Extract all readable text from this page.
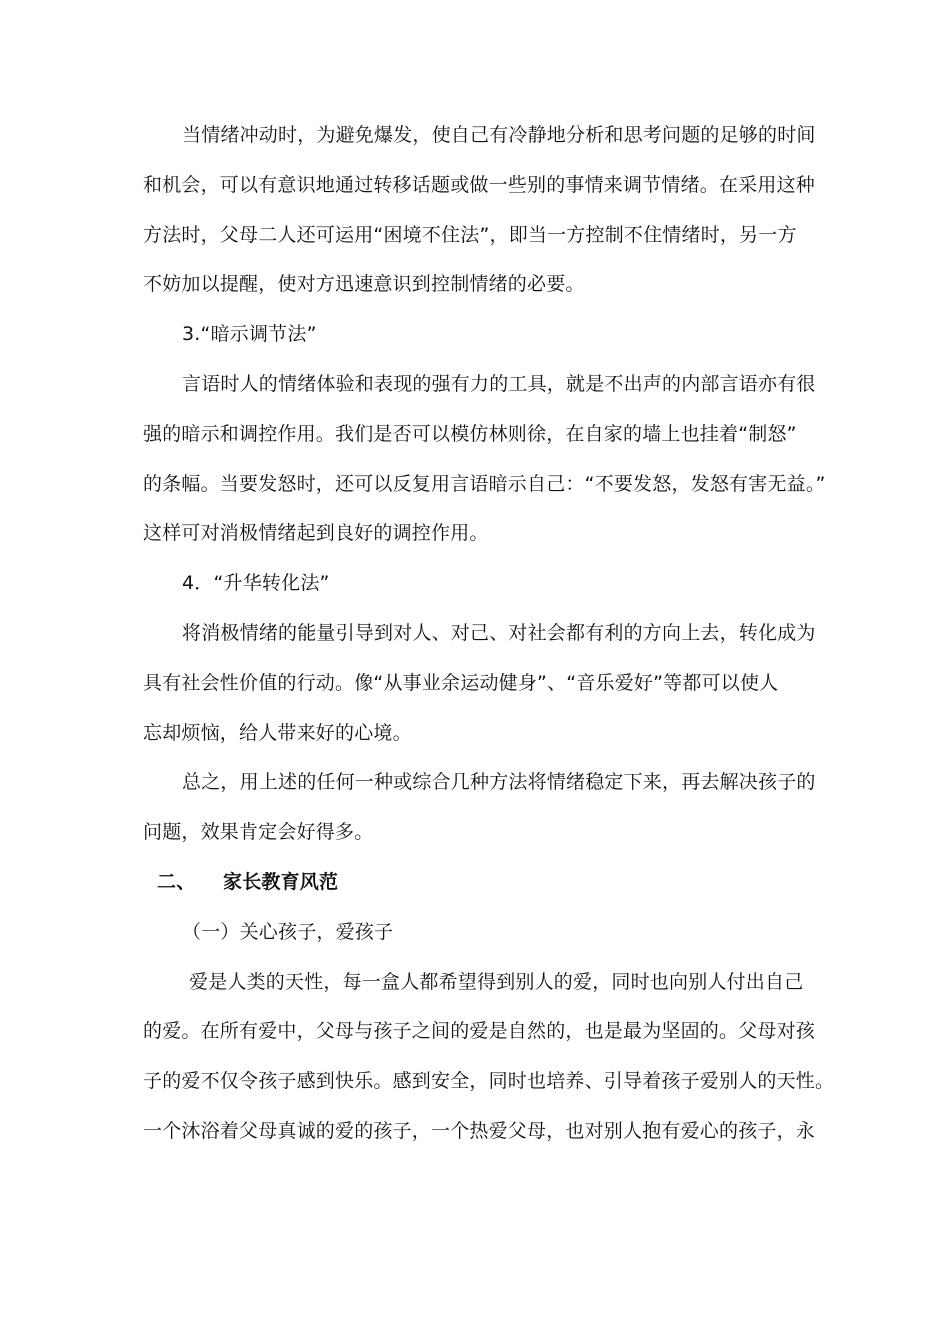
当情绪冲动时，为避免爆发，使自己有冷静地分析和思考问题的足够的时间
和机会，可以有意识地通过转移话题或做一些别的事情来调节情绪。在采用这种
方法时，父母二人还可运用“困境不住法”，即当一方控制不住情绪时，另一方
不妨加以提醒，使对方迅速意识到控制情绪的必要。
3.“暗示调节法”
言语时人的情绪体验和表现的强有力的工具，就是不出声的内部言语亦有很
强的暗示和调控作用。我们是否可以模仿林则徐，在自家的墙上也挂着“制怒”
的条幅。当要发怒时，还可以反复用言语暗示自己：“不要发怒，发怒有害无益。”
这样可对消极情绪起到良好的调控作用。
4．“升华转化法”
将消极情绪的能量引导到对人、对己、对社会都有利的方向上去，转化成为
具有社会性价值的行动。像“从事业余运动健身”、“音乐爱好”等都可以使人
忘却烦恼，给人带来好的心境。
总之，用上述的任何一种或综合几种方法将情绪稳定下来，再去解决孩子的
问题，效果肯定会好得多。
二、 家长教育风范
（一）关心孩子，爱孩子
爱是人类的天性，每一盒人都希望得到别人的爱，同时也向别人付出自己
的爱。在所有爱中，父母与孩子之间的爱是自然的，也是最为坚固的。父母对孩
子的爱不仅令孩子感到快乐。感到安全，同时也培养、引导着孩子爱别人的天性。
一个沐浴着父母真诚的爱的孩子，一个热爱父母，也对别人抱有爱心的孩子，永
